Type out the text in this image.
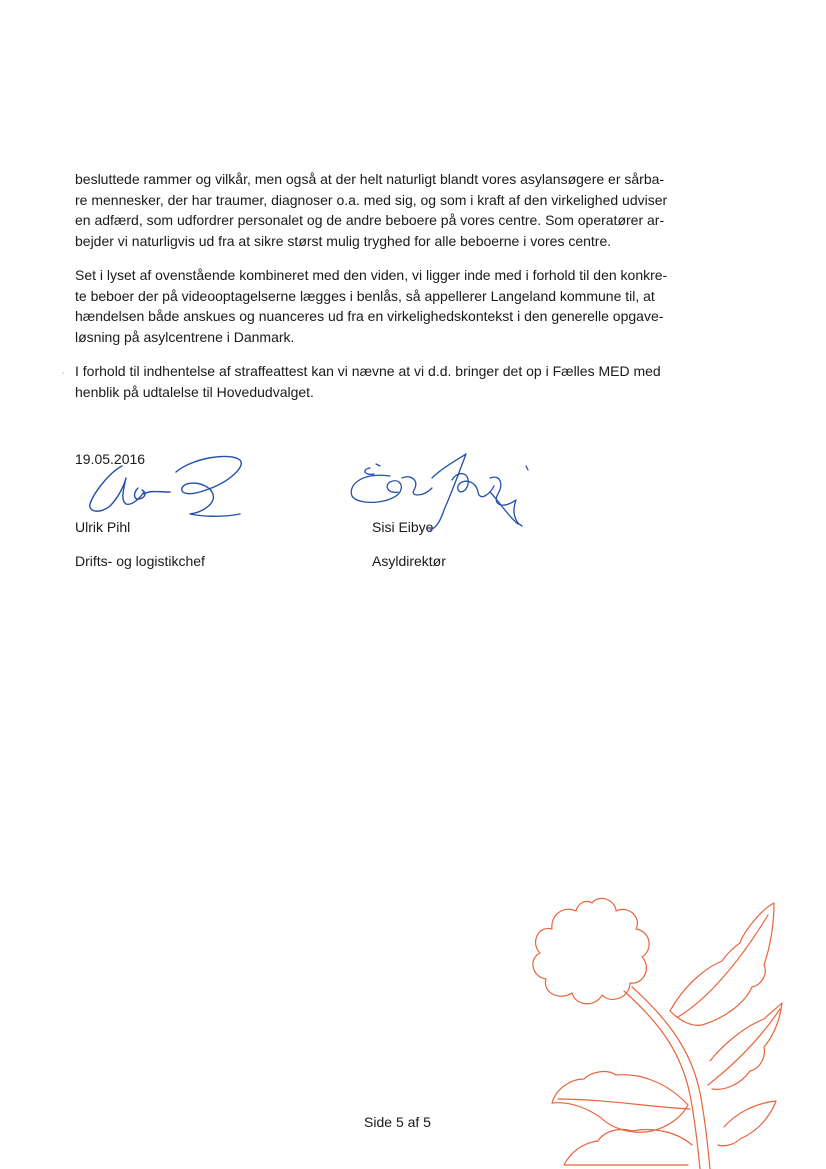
besluttede rammer og vilkår, men også at der helt naturligt blandt vores asylansøgere er sårba-
re mennesker, der har traumer, diagnoser o.a. med sig, og som i kraft af den virkelighed udviser
en adfærd, som udfordrer personalet og de andre beboere på vores centre. Som operatører ar-
bejder vi naturligvis ud fra at sikre størst mulig tryghed for alle beboerne i vores centre.

Set i lyset af ovenstående kombineret med den viden, vi ligger inde med i forhold til den konkre-
te beboer der på videooptagelserne lægges i benlås, så appellerer Langeland kommune til, at
hændelsen både anskues og nuanceres ud fra en virkelighedskontekst i den generelle opgave-
løsning på asylcentrene i Danmark.

, I forhold til indhentelse af straffeattest kan vi nævne at vi d.d. bringer det op i Fælles MED med
henblik på udtalelse til Hovedudvalget.

19.05.2016
Ulrik Pihl
Drifts- og logistikchef
Sisi Eibye
Asyldirektør
Side 5 af 5
